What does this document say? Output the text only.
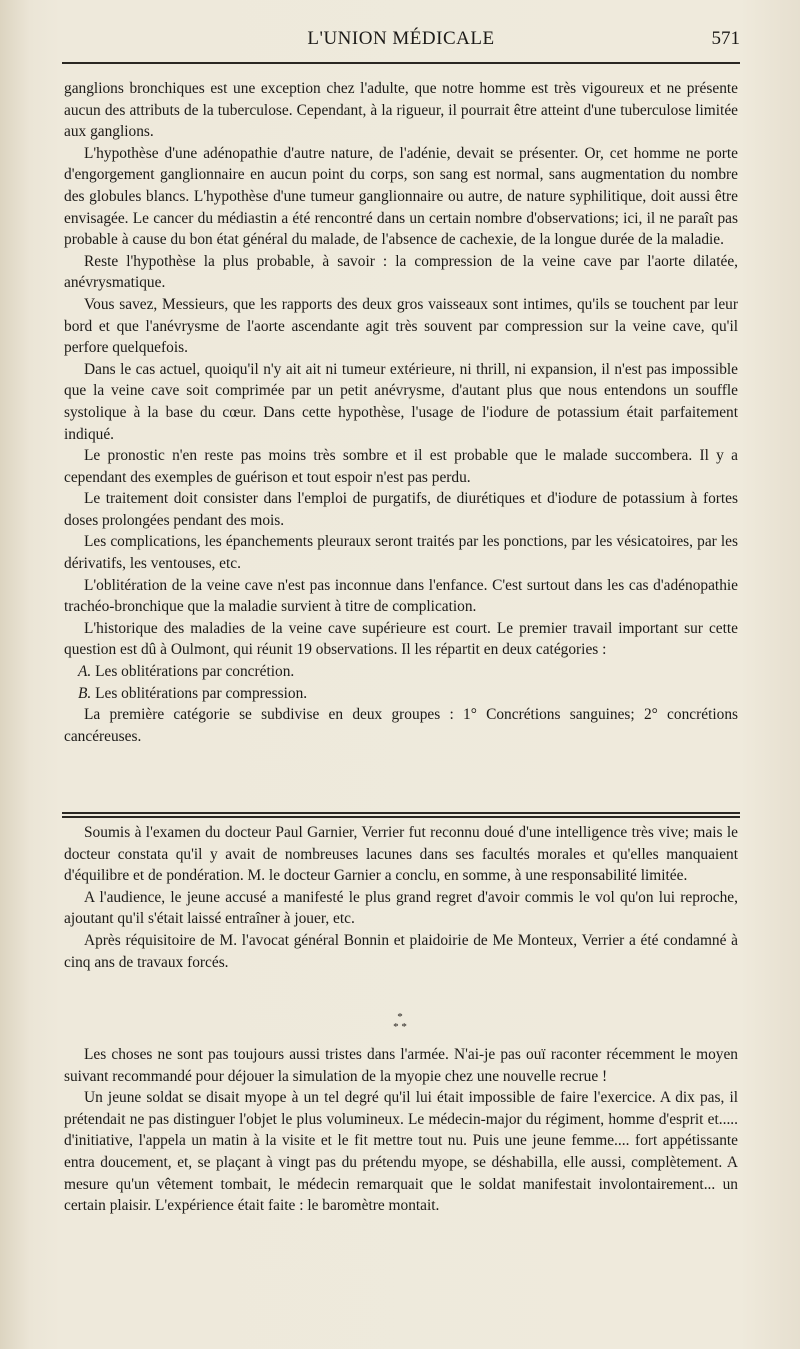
L'UNION MÉDICALE	571

ganglions bronchiques est une exception chez l'adulte, que notre homme est très vigoureux et ne présente aucun des attributs de la tuberculose. Cependant, à la rigueur, il pourrait être atteint d'une tuberculose limitée aux ganglions.

L'hypothèse d'une adénopathie d'autre nature, de l'adénie, devait se présenter. Or, cet homme ne porte d'engorgement ganglionnaire en aucun point du corps, son sang est normal, sans augmentation du nombre des globules blancs. L'hypothèse d'une tumeur ganglionnaire ou autre, de nature syphilitique, doit aussi être envisagée. Le cancer du médiastin a été rencontré dans un certain nombre d'observations; ici, il ne paraît pas probable à cause du bon état général du malade, de l'absence de cachexie, de la longue durée de la maladie.

Reste l'hypothèse la plus probable, à savoir : la compression de la veine cave par l'aorte dilatée, anévrysmatique.

Vous savez, Messieurs, que les rapports des deux gros vaisseaux sont intimes, qu'ils se touchent par leur bord et que l'anévrysme de l'aorte ascendante agit très souvent par compression sur la veine cave, qu'il perfore quelquefois.

Dans le cas actuel, quoiqu'il n'y ait ait ni tumeur extérieure, ni thrill, ni expansion, il n'est pas impossible que la veine cave soit comprimée par un petit anévrysme, d'autant plus que nous entendons un souffle systolique à la base du cœur. Dans cette hypothèse, l'usage de l'iodure de potassium était parfaitement indiqué.

Le pronostic n'en reste pas moins très sombre et il est probable que le malade succombera. Il y a cependant des exemples de guérison et tout espoir n'est pas perdu.

Le traitement doit consister dans l'emploi de purgatifs, de diurétiques et d'iodure de potassium à fortes doses prolongées pendant des mois.

Les complications, les épanchements pleuraux seront traités par les ponctions, par les vésicatoires, par les dérivatifs, les ventouses, etc.

L'oblitération de la veine cave n'est pas inconnue dans l'enfance. C'est surtout dans les cas d'adénopathie trachéo-bronchique que la maladie survient à titre de complication.

L'historique des maladies de la veine cave supérieure est court. Le premier travail important sur cette question est dû à Oulmont, qui réunit 19 observations. Il les répartit en deux catégories :

A. Les oblitérations par concrétion.

B. Les oblitérations par compression.

La première catégorie se subdivise en deux groupes : 1° Concrétions sanguines; 2° concrétions cancéreuses.

Soumis à l'examen du docteur Paul Garnier, Verrier fut reconnu doué d'une intelligence très vive; mais le docteur constata qu'il y avait de nombreuses lacunes dans ses facultés morales et qu'elles manquaient d'équilibre et de pondération. M. le docteur Garnier a conclu, en somme, à une responsabilité limitée.

A l'audience, le jeune accusé a manifesté le plus grand regret d'avoir commis le vol qu'on lui reproche, ajoutant qu'il s'était laissé entraîner à jouer, etc.

Après réquisitoire de M. l'avocat général Bonnin et plaidoirie de Me Monteux, Verrier a été condamné à cinq ans de travaux forcés.

*
* *

Les choses ne sont pas toujours aussi tristes dans l'armée. N'ai-je pas ouï raconter récemment le moyen suivant recommandé pour déjouer la simulation de la myopie chez une nouvelle recrue !

Un jeune soldat se disait myope à un tel degré qu'il lui était impossible de faire l'exercice. A dix pas, il prétendait ne pas distinguer l'objet le plus volumineux. Le médecin-major du régiment, homme d'esprit et..... d'initiative, l'appela un matin à la visite et le fit mettre tout nu. Puis une jeune femme.... fort appétissante entra doucement, et, se plaçant à vingt pas du prétendu myope, se déshabilla, elle aussi, complètement. A mesure qu'un vêtement tombait, le médecin remarquait que le soldat manifestait involontairement... un certain plaisir. L'expérience était faite : le baromètre montait.
